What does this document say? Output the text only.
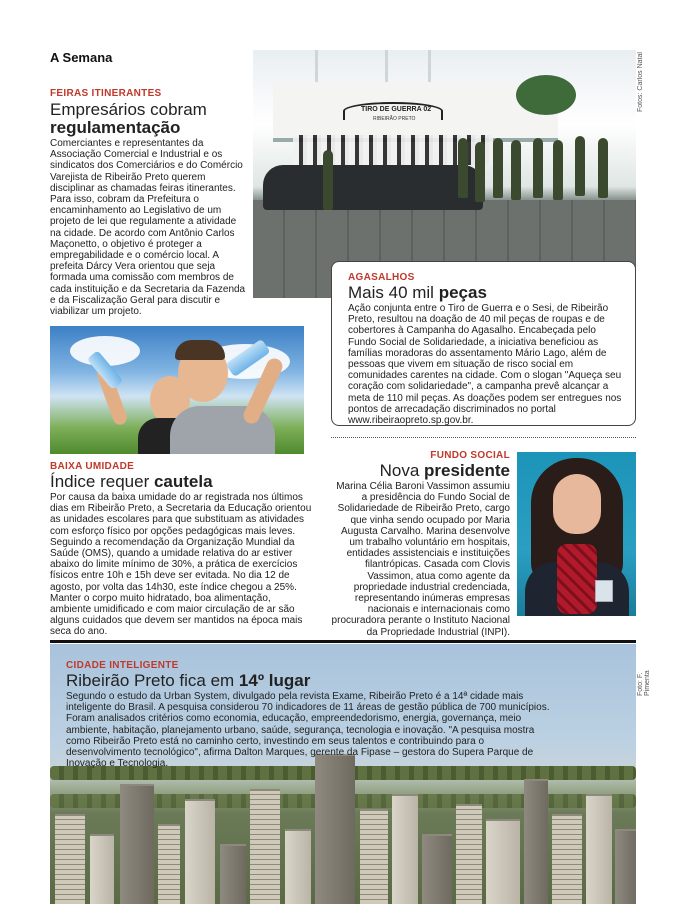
A Semana	Fotos: Carlos Natal
FEIRAS ITINERANTES
Empresários cobram
regulamentação
Comerciantes e representantes da Associação Comercial e Industrial e os sindicatos dos Comerciários e do Comércio Varejista de Ribeirão Preto querem disciplinar as chamadas feiras itinerantes. Para isso, cobram da Prefeitura o encaminhamento ao Legislativo de um projeto de lei que regulamente a atividade na cidade. De acordo com Antônio Carlos Maçonetto, o objetivo é proteger a empregabilidade e o comércio local. A prefeita Dárcy Vera orientou que seja formada uma comissão com membros de cada instituição e da Secretaria da Fazenda e da Fiscalização Geral para discutir e viabilizar um projeto.
TIRO DE GUERRA 02
RIBEIRÃO PRETO
AGASALHOS
Mais 40 mil peças
Ação conjunta entre o Tiro de Guerra e o Sesi, de Ribeirão Preto, resultou na doação de 40 mil peças de roupas e de cobertores à Campanha do Agasalho. Encabeçada pelo Fundo Social de Solidariedade, a iniciativa beneficiou as famílias moradoras do assentamento Mário Lago, além de pessoas que vivem em situação de risco social em comunidades carentes na cidade. Com o slogan "Aqueça seu coração com solidariedade", a campanha prevê alcançar a meta de 110 mil peças. As doações podem ser entregues nos pontos de arrecadação discriminados no portal www.ribeiraopreto.sp.gov.br.
BAIXA UMIDADE
Índice requer cautela
Por causa da baixa umidade do ar registrada nos últimos dias em Ribeirão Preto, a Secretaria da Educação orientou as unidades escolares para que substituam as atividades com esforço físico por opções pedagógicas mais leves. Seguindo a recomendação da Organização Mundial da Saúde (OMS), quando a umidade relativa do ar estiver abaixo do limite mínimo de 30%, a prática de exercícios físicos entre 10h e 15h deve ser evitada. No dia 12 de agosto, por volta das 14h30, este índice chegou a 25%. Manter o corpo muito hidratado, boa alimentação, ambiente umidificado e com maior circulação de ar são alguns cuidados que devem ser mantidos na época mais seca do ano.
FUNDO SOCIAL
Nova presidente
Marina Célia Baroni Vassimon assumiu a presidência do Fundo Social de Solidariedade de Ribeirão Preto, cargo que vinha sendo ocupado por Maria Augusta Carvalho. Marina desenvolve um trabalho voluntário em hospitais, entidades assistenciais e instituições filantrópicas. Casada com Clovis Vassimon, atua como agente da propriedade industrial credenciada, representando inúmeras empresas nacionais e internacionais como procuradora perante o Instituto Nacional da Propriedade Industrial (INPI).
CIDADE INTELIGENTE
Ribeirão Preto fica em 14º lugar
Segundo o estudo da Urban System, divulgado pela revista Exame, Ribeirão Preto é a 14ª cidade mais inteligente do Brasil. A pesquisa considerou 70 indicadores de 11 áreas de gestão pública de 700 municípios. Foram analisados critérios como economia, educação, empreendedorismo, energia, governança, meio ambiente, habitação, planejamento urbano, saúde, segurança, tecnologia e inovação. "A pesquisa mostra como Ribeirão Preto está no caminho certo, investindo em seus talentos e contribuindo para o desenvolvimento tecnológico", afirma Dalton Marques, gerente da Fipase – gestora do Supera Parque de Inovação e Tecnologia.
Foto: F. Pimenta
